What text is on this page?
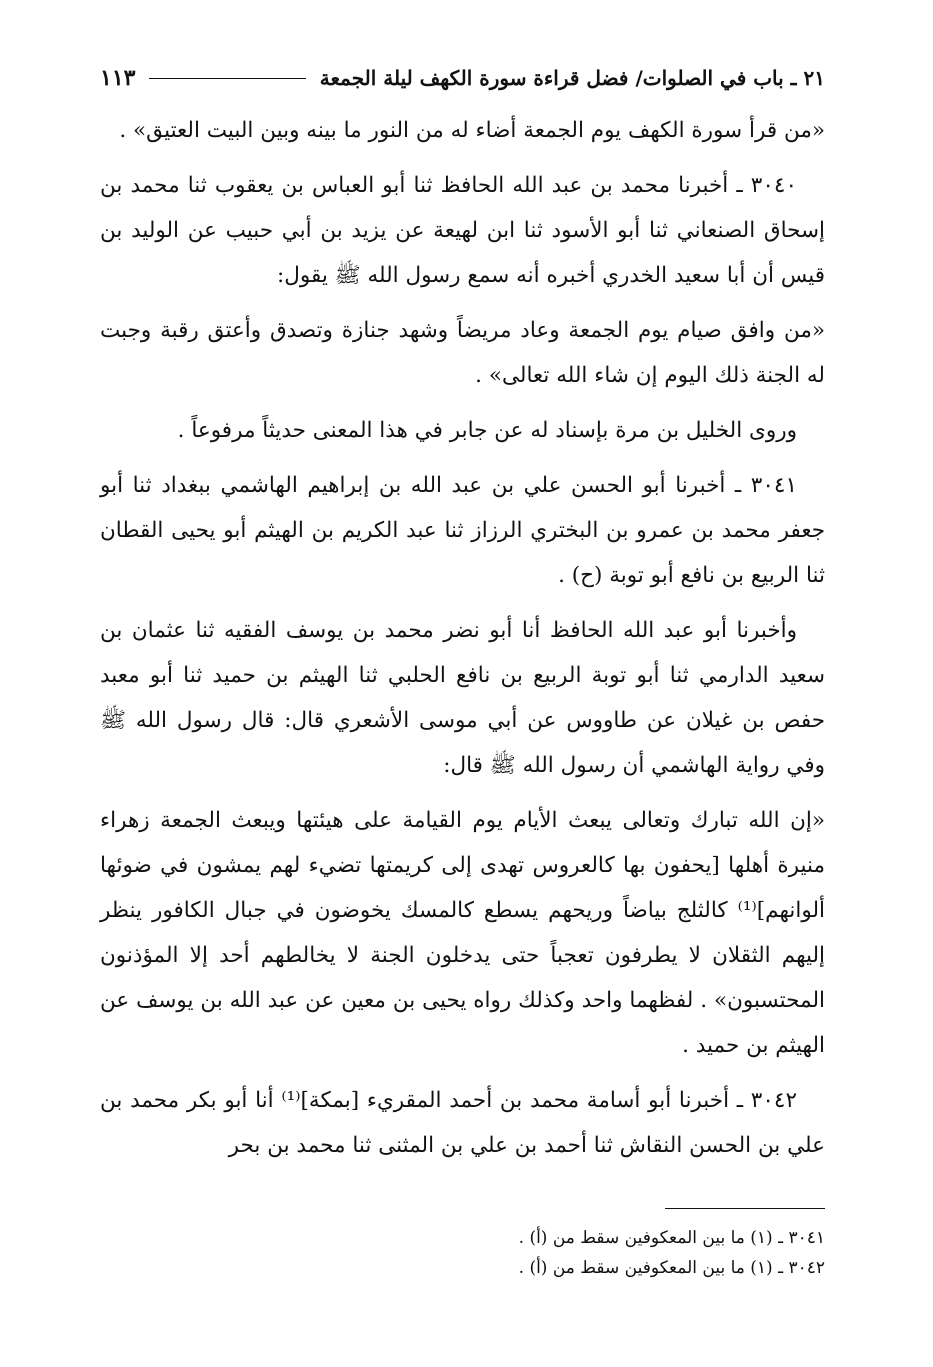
٢١ ـ باب في الصلوات/ فضل قراءة سورة الكهف ليلة الجمعة
١١٣

«من قرأ سورة الكهف يوم الجمعة أضاء له من النور ما بينه وبين البيت العتيق» .

٣٠٤٠ ـ أخبرنا محمد بن عبد الله الحافظ ثنا أبو العباس بن يعقوب ثنا محمد بن إسحاق الصنعاني ثنا أبو الأسود ثنا ابن لهيعة عن يزيد بن أبي حبيب عن الوليد بن قيس أن أبا سعيد الخدري أخبره أنه سمع رسول الله ﷺ يقول:

«من وافق صيام يوم الجمعة وعاد مريضاً وشهد جنازة وتصدق وأعتق رقبة وجبت له الجنة ذلك اليوم إن شاء الله تعالى» .

وروى الخليل بن مرة بإسناد له عن جابر في هذا المعنى حديثاً مرفوعاً .

٣٠٤١ ـ أخبرنا أبو الحسن علي بن عبد الله بن إبراهيم الهاشمي ببغداد ثنا أبو جعفر محمد بن عمرو بن البختري الرزاز ثنا عبد الكريم بن الهيثم أبو يحيى القطان ثنا الربيع بن نافع أبو توبة (ح) .

وأخبرنا أبو عبد الله الحافظ أنا أبو نضر محمد بن يوسف الفقيه ثنا عثمان بن سعيد الدارمي ثنا أبو توبة الربيع بن نافع الحلبي ثنا الهيثم بن حميد ثنا أبو معبد حفص بن غيلان عن طاووس عن أبي موسى الأشعري قال: قال رسول الله ﷺ وفي رواية الهاشمي أن رسول الله ﷺ قال:

«إن الله تبارك وتعالى يبعث الأيام يوم القيامة على هيئتها ويبعث الجمعة زهراء منيرة أهلها [يحفون بها كالعروس تهدى إلى كريمتها تضيء لهم يمشون في ضوئها ألوانهم]⁽¹⁾ كالثلج بياضاً وريحهم يسطع كالمسك يخوضون في جبال الكافور ينظر إليهم الثقلان لا يطرفون تعجباً حتى يدخلون الجنة لا يخالطهم أحد إلا المؤذنون المحتسبون» . لفظهما واحد وكذلك رواه يحيى بن معين عن عبد الله بن يوسف عن الهيثم بن حميد .

٣٠٤٢ ـ أخبرنا أبو أسامة محمد بن أحمد المقريء [بمكة]⁽¹⁾ أنا أبو بكر محمد بن علي بن الحسن النقاش ثنا أحمد بن علي بن المثنى ثنا محمد بن بحر

٣٠٤١ ـ (١) ما بين المعكوفين سقط من (أ) .

٣٠٤٢ ـ (١) ما بين المعكوفين سقط من (أ) .
